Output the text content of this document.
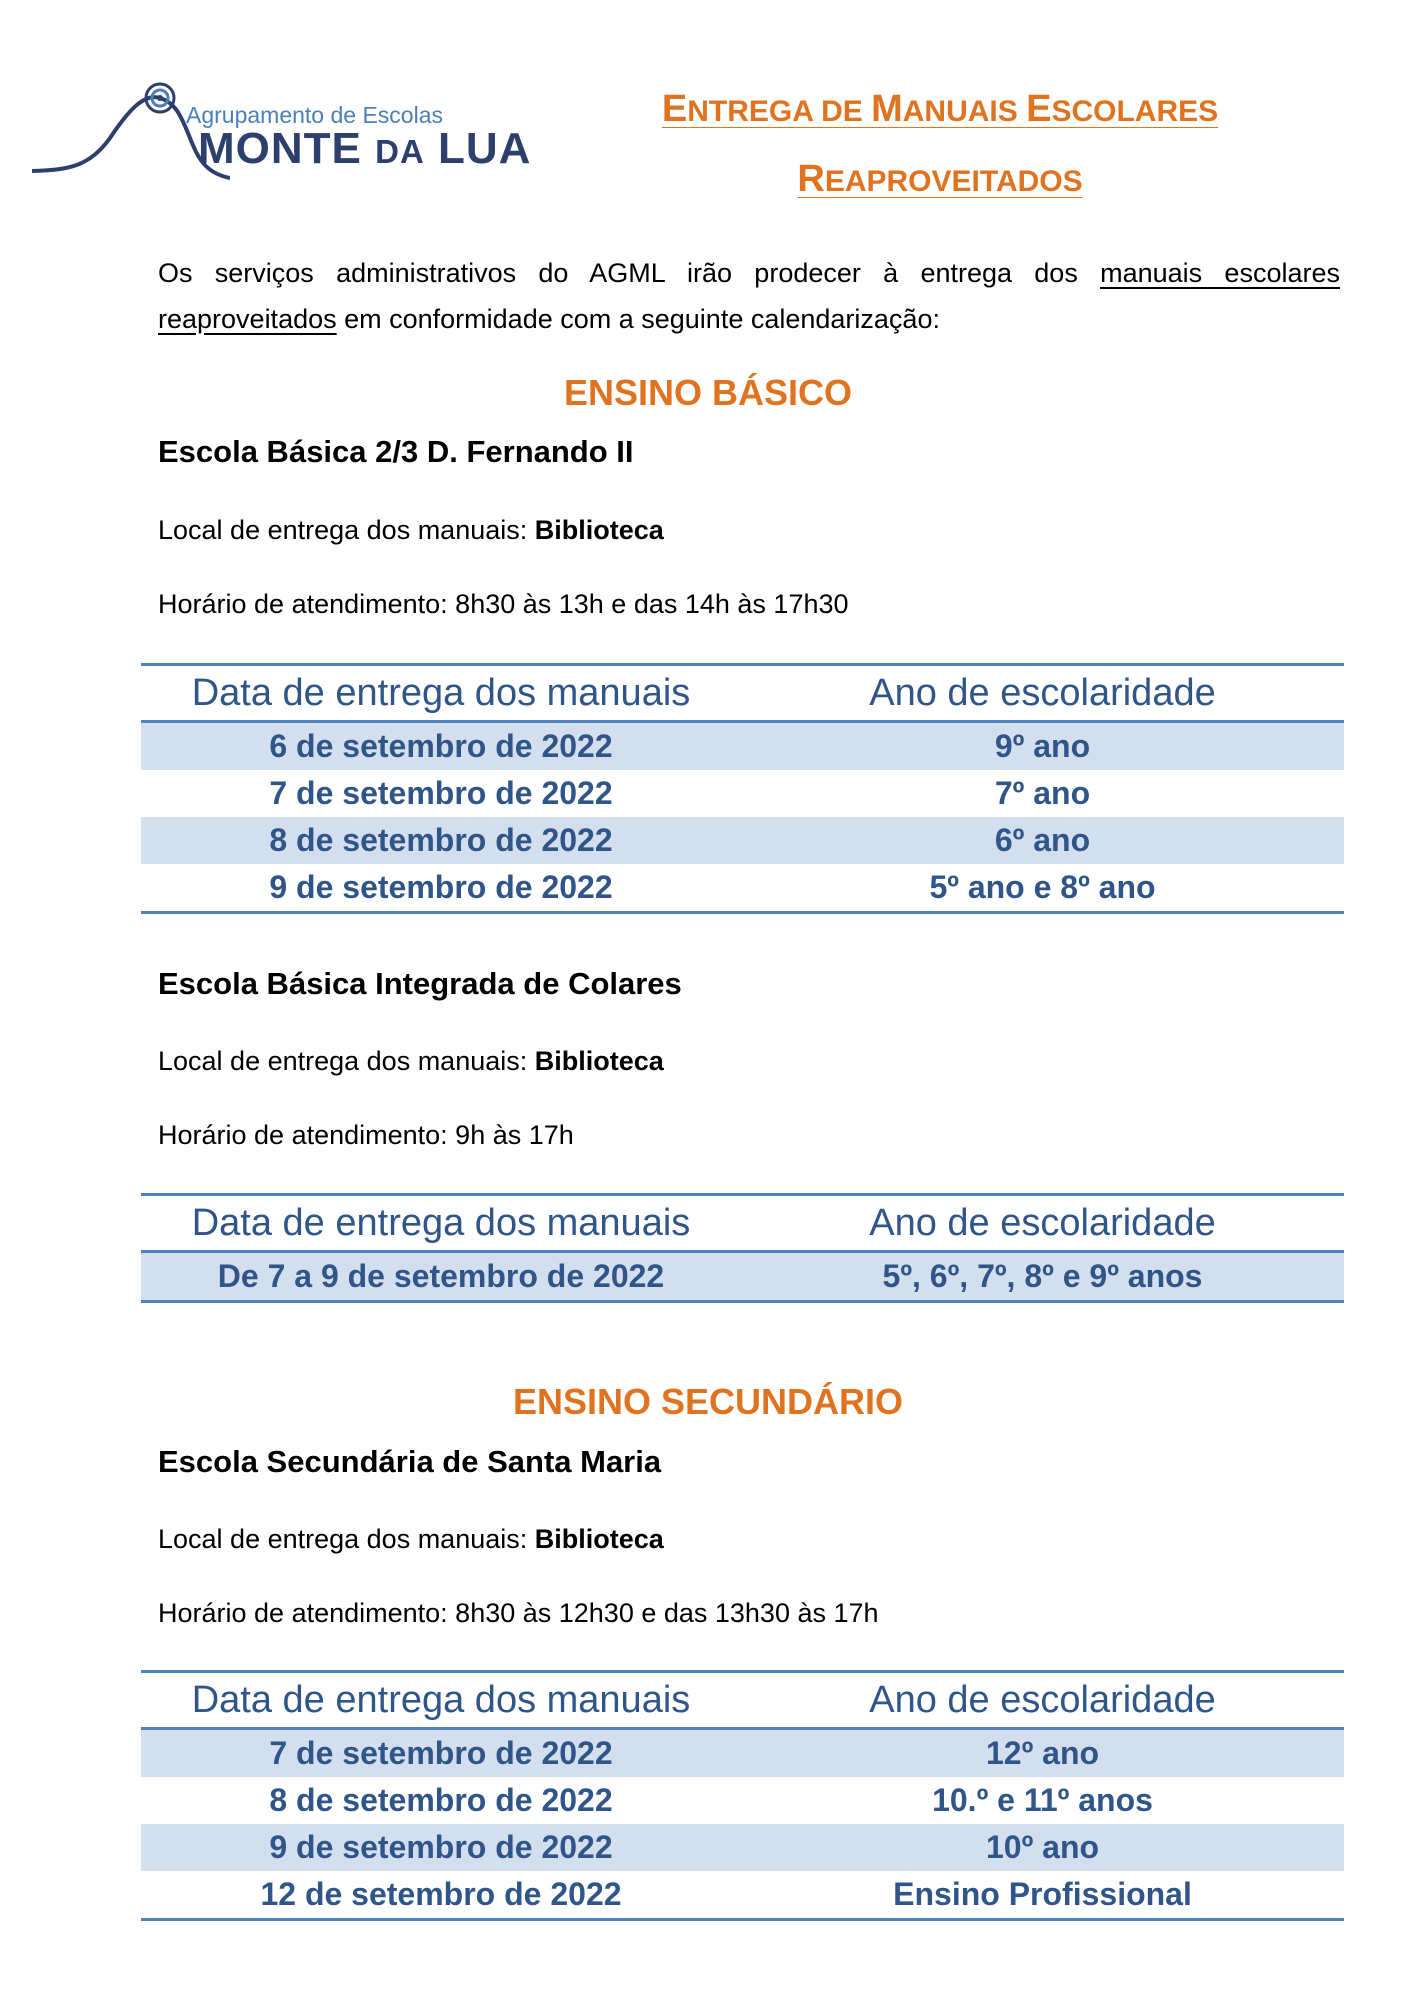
Agrupamento de Escolas
MONTE DA LUA
ENTREGA DE MANUAIS ESCOLARES
REAPROVEITADOS
Os serviços administrativos do AGML irão prodecer à entrega dos manuais escolares reaproveitados em conformidade com a seguinte calendarização:
ENSINO BÁSICO
Escola Básica 2/3 D. Fernando II
Local de entrega dos manuais: Biblioteca
Horário de atendimento: 8h30 às 13h e das 14h às 17h30
Data de entrega dos manuais	Ano de escolaridade
6 de setembro de 2022	9º ano
7 de setembro de 2022	7º ano
8 de setembro de 2022	6º ano
9 de setembro de 2022	5º ano e 8º ano
Escola Básica Integrada de Colares
Local de entrega dos manuais: Biblioteca
Horário de atendimento: 9h às 17h
Data de entrega dos manuais	Ano de escolaridade
De 7 a 9 de setembro de 2022	5º, 6º, 7º, 8º e 9º anos
ENSINO SECUNDÁRIO
Escola Secundária de Santa Maria
Local de entrega dos manuais: Biblioteca
Horário de atendimento: 8h30 às 12h30 e das 13h30 às 17h
Data de entrega dos manuais	Ano de escolaridade
7 de setembro de 2022	12º ano
8 de setembro de 2022	10.º e 11º anos
9 de setembro de 2022	10º ano
12 de setembro de 2022	Ensino Profissional
